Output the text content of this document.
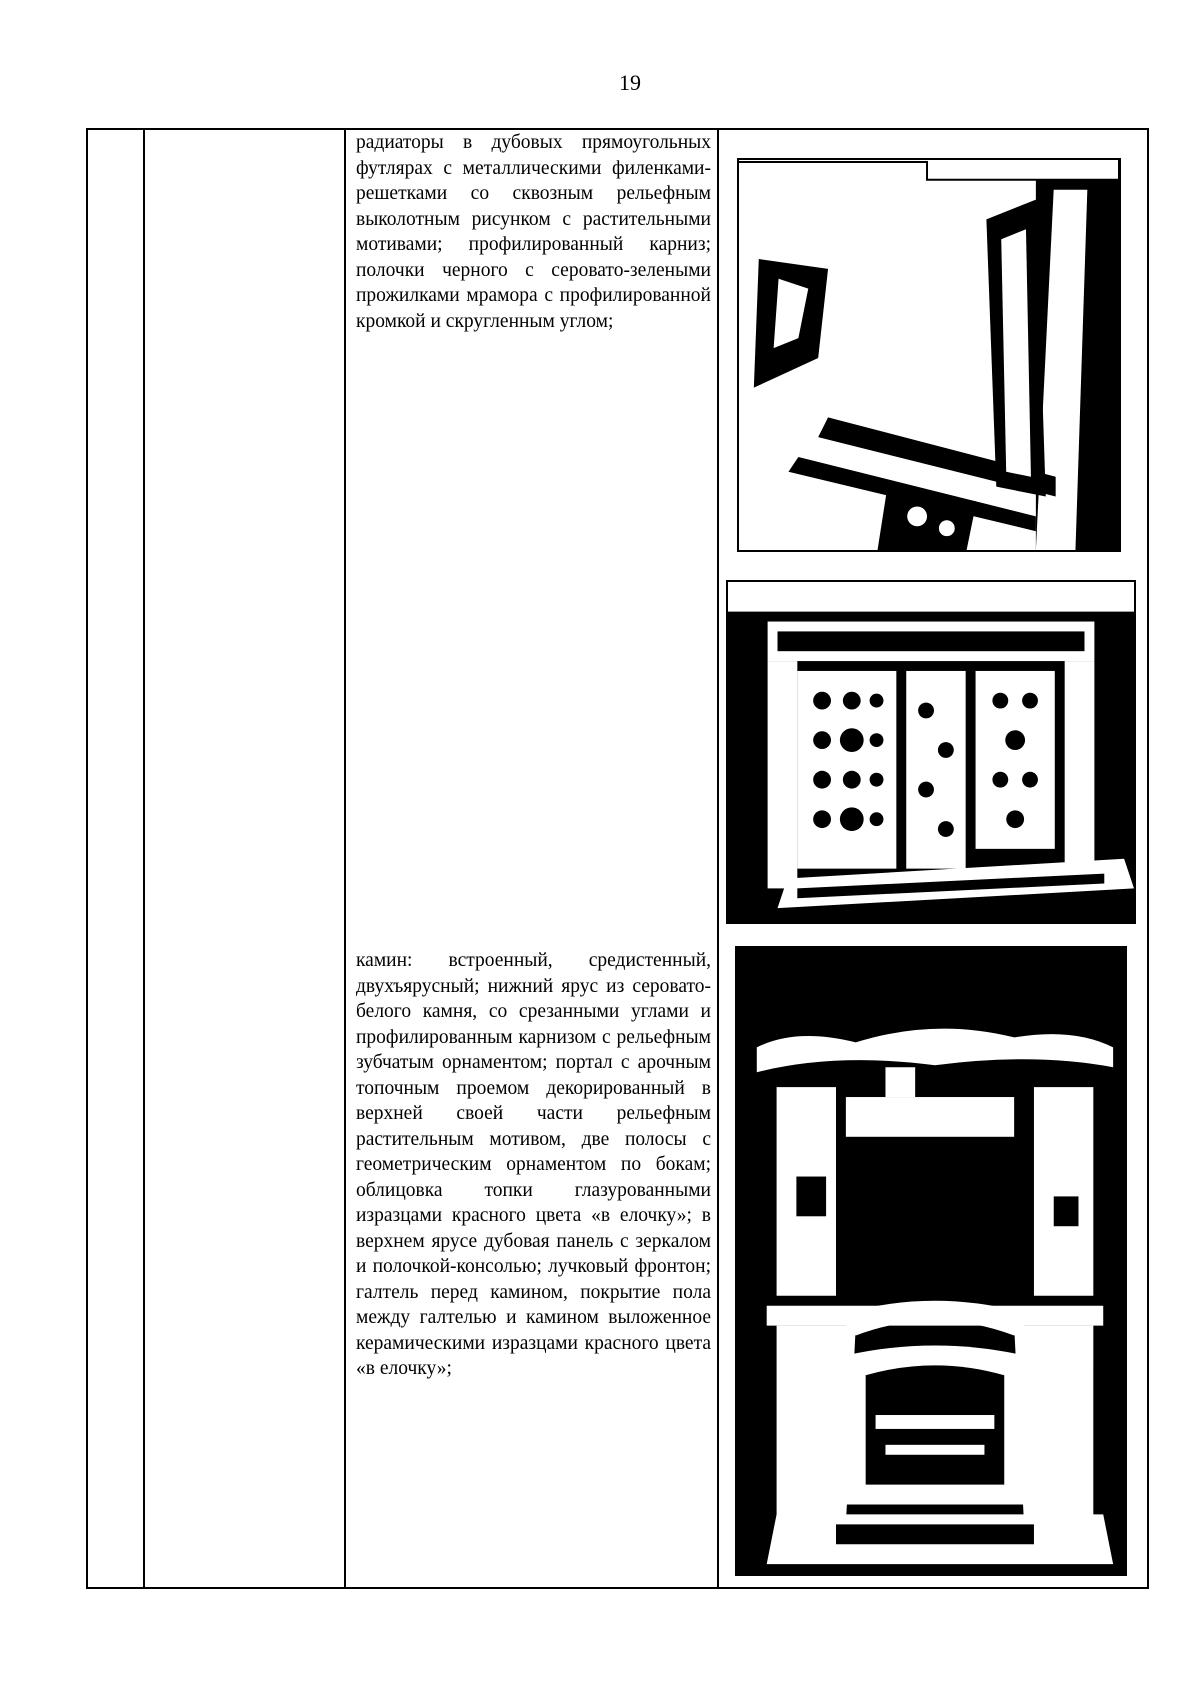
19
радиаторы в дубовых прямоугольных футлярах с металлическими филенками-решетками со сквозным рельефным выколотным рисунком с растительными мотивами; профилированный карниз; полочки черного с серовато-зелеными прожилками мрамора с профилированной кромкой и скругленным углом;
камин: встроенный, средистенный, двухъярусный; нижний ярус из серовато-белого камня, со срезанными углами и профилированным карнизом с рельефным зубчатым орнаментом; портал с арочным топочным проемом декорированный в верхней своей части рельефным растительным мотивом, две полосы с геометрическим орнаментом по бокам; облицовка топки глазурованными изразцами красного цвета «в елочку»; в верхнем ярусе дубовая панель с зеркалом и полочкой-консолью; лучковый фронтон; галтель перед камином, покрытие пола между галтелью и камином выложенное керамическими изразцами красного цвета «в елочку»;
